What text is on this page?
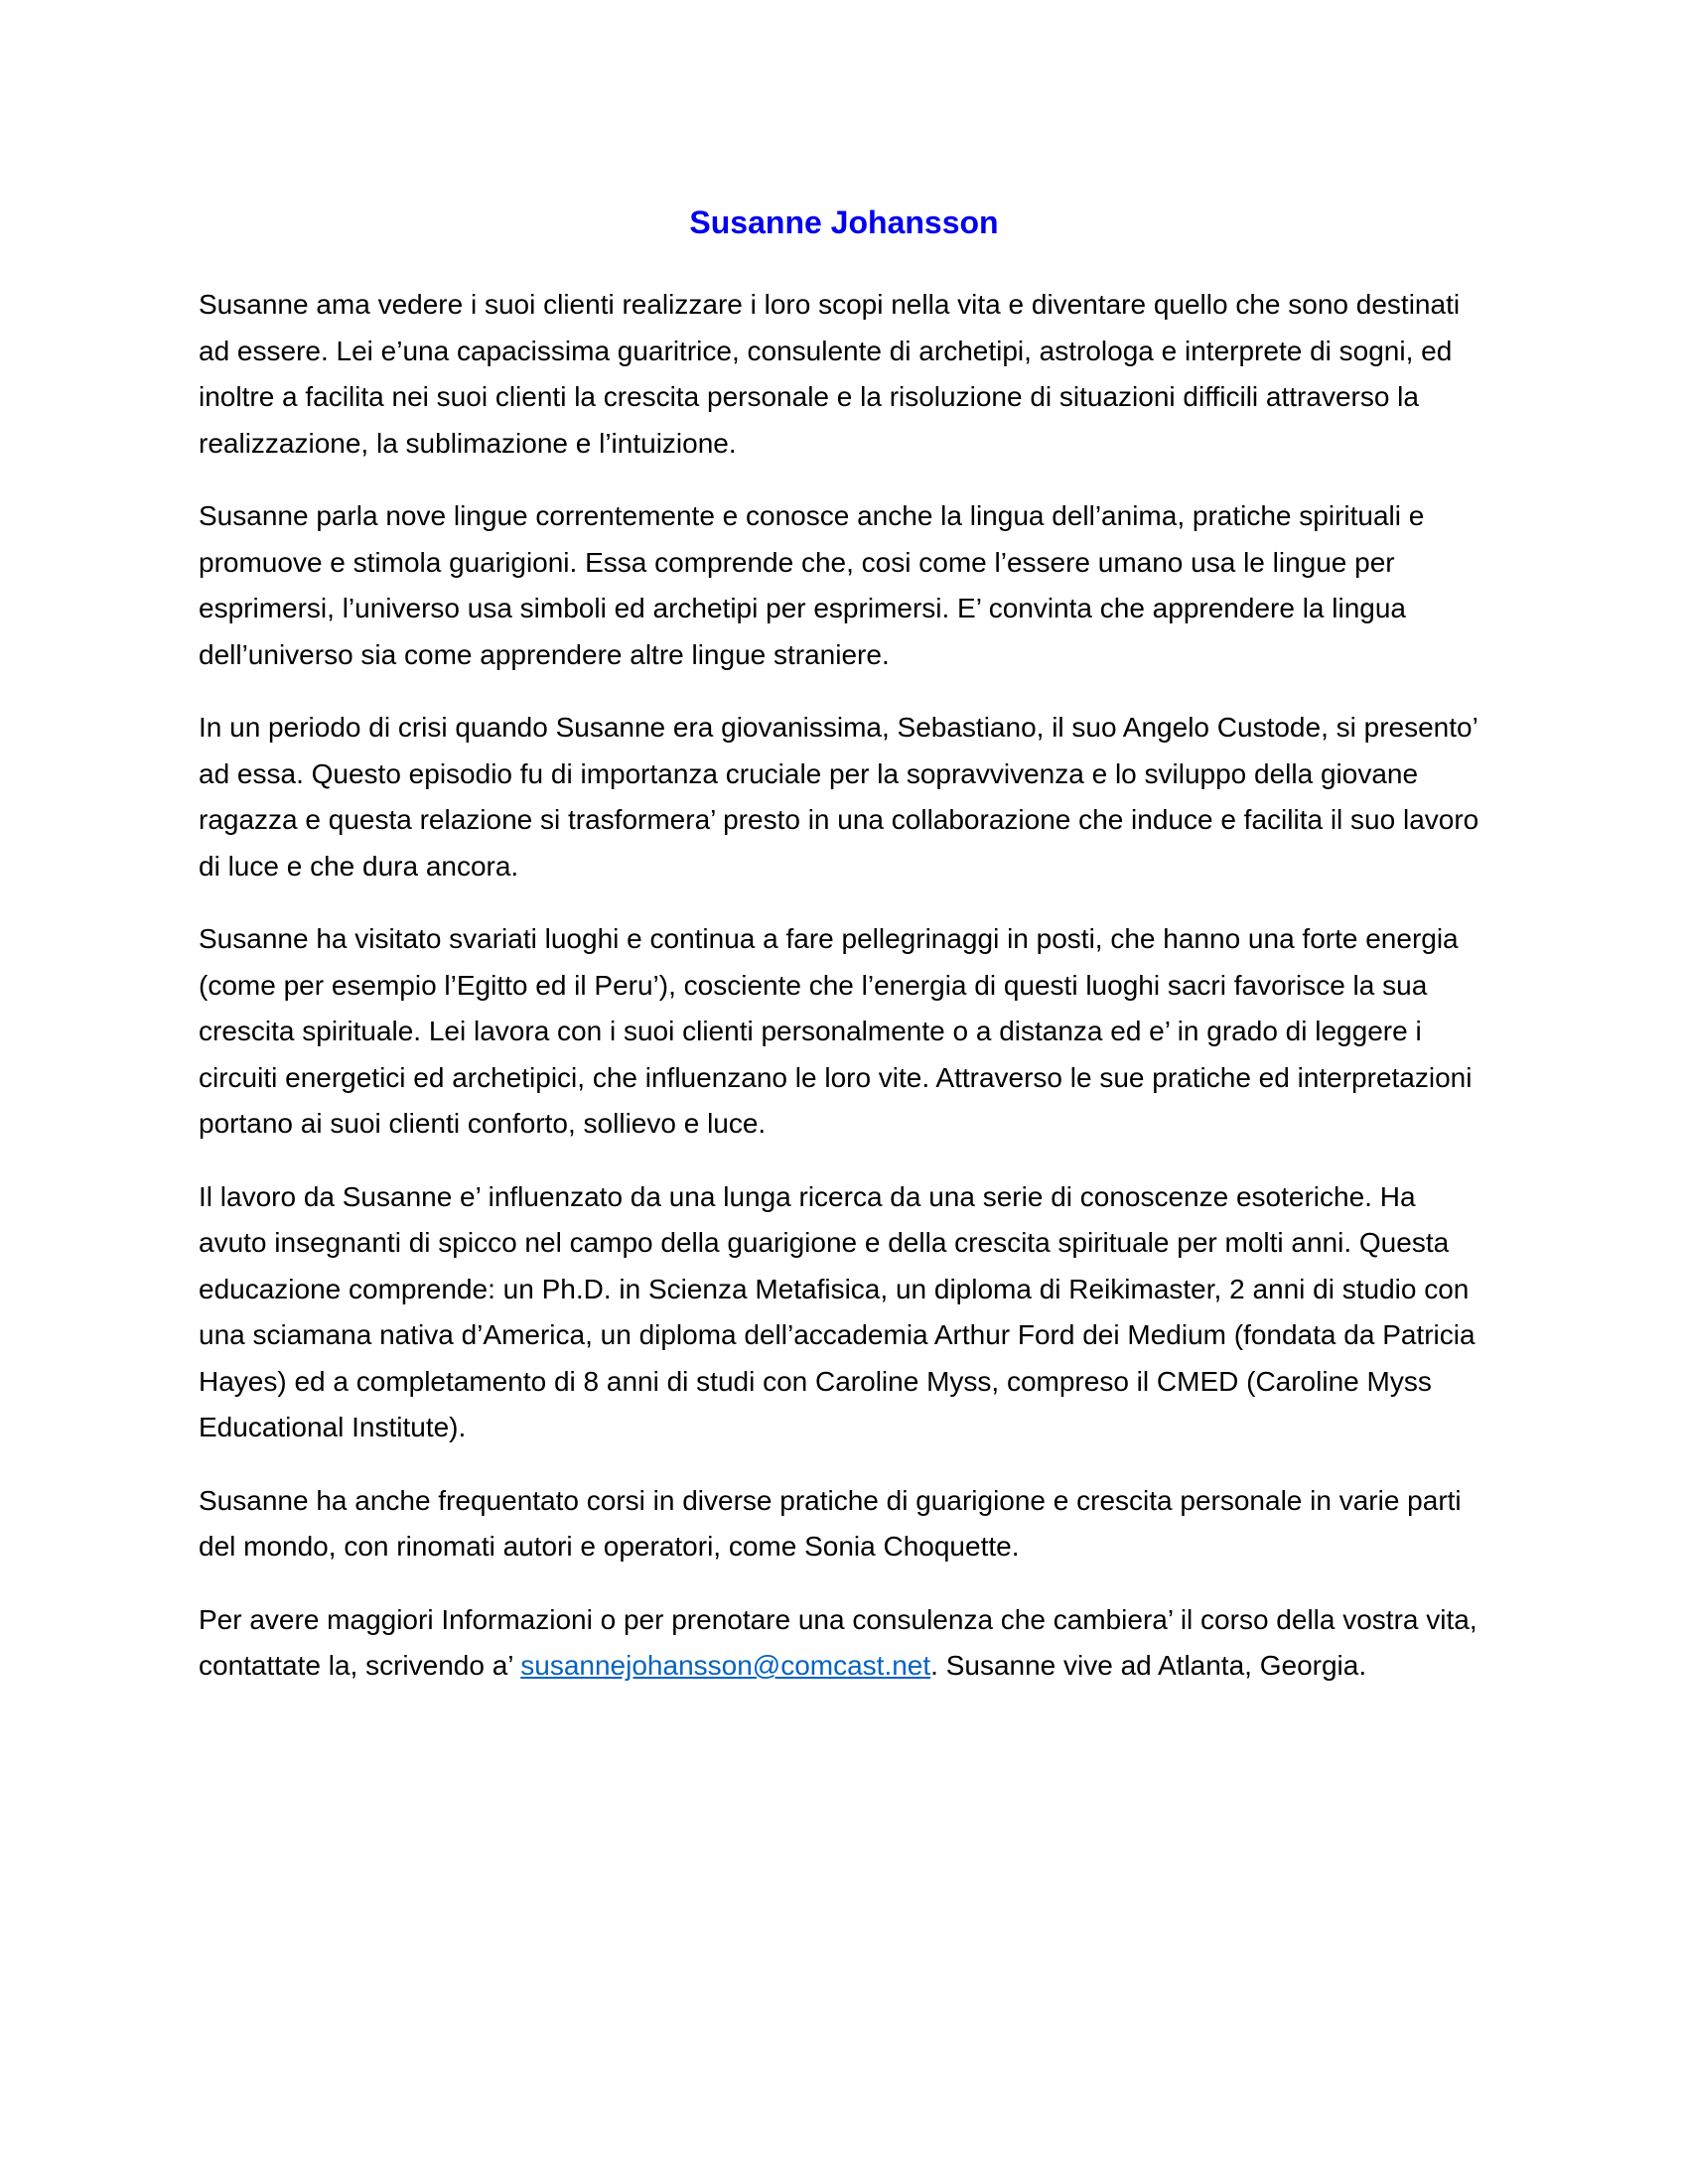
Susanne Johansson

Susanne ama vedere i suoi clienti realizzare i loro scopi nella vita e diventare quello che sono destinati ad essere. Lei e’una capacissima guaritrice, consulente di archetipi, astrologa e interprete di sogni, ed inoltre a facilita nei suoi clienti la crescita personale e la risoluzione di situazioni difficili attraverso la realizzazione, la sublimazione e l’intuizione.

Susanne parla nove lingue correntemente e conosce anche la lingua dell’anima, pratiche spirituali e promuove e stimola guarigioni. Essa comprende che, cosi come l’essere umano usa le lingue per esprimersi, l’universo usa simboli ed archetipi per esprimersi. E’ convinta che apprendere la lingua dell’universo sia come apprendere altre lingue straniere.

In un periodo di crisi quando Susanne era giovanissima, Sebastiano, il suo Angelo Custode, si presento’ ad essa. Questo episodio fu di importanza cruciale per la sopravvivenza e lo sviluppo della giovane ragazza e questa relazione si trasformera’ presto in una collaborazione che induce e facilita il suo lavoro di luce e che dura ancora.

Susanne ha visitato svariati luoghi e continua a fare pellegrinaggi in posti, che hanno una forte energia (come per esempio l’Egitto ed il Peru’), cosciente che l’energia di questi luoghi sacri favorisce la sua crescita spirituale. Lei lavora con i suoi clienti personalmente o a distanza ed e’ in grado di leggere i circuiti energetici ed archetipici, che influenzano le loro vite. Attraverso le sue pratiche ed interpretazioni portano ai suoi clienti conforto, sollievo e luce.

Il lavoro da Susanne e’ influenzato da una lunga ricerca da una serie di conoscenze esoteriche. Ha avuto insegnanti di spicco nel campo della guarigione e della crescita spirituale per molti anni. Questa educazione comprende: un Ph.D. in Scienza Metafisica, un diploma di Reikimaster, 2 anni di studio con una sciamana nativa d’America, un diploma dell’accademia Arthur Ford dei Medium (fondata da Patricia Hayes) ed a completamento di 8 anni di studi con Caroline Myss, compreso il CMED (Caroline Myss Educational Institute).

Susanne ha anche frequentato corsi in diverse pratiche di guarigione e crescita personale in varie parti del mondo, con rinomati autori e operatori, come Sonia Choquette.

Per avere maggiori Informazioni o per prenotare una consulenza che cambiera’ il corso della vostra vita, contattate la, scrivendo a’ susannejohansson@comcast.net. Susanne vive ad Atlanta, Georgia.
